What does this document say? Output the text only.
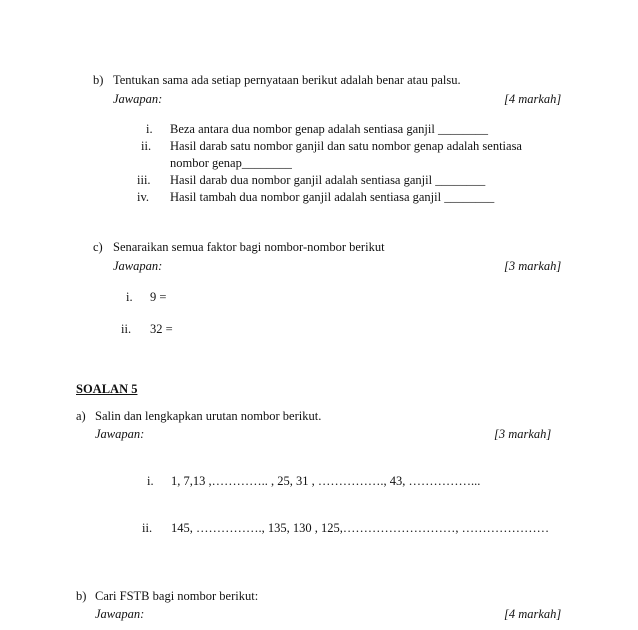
b) Tentukan sama ada setiap pernyataan berikut adalah benar atau palsu.
Jawapan:	[4 markah]
i. Beza antara dua nombor genap adalah sentiasa ganjil ________
ii. Hasil darab satu nombor ganjil dan satu nombor genap adalah sentiasa
nombor genap________
iii. Hasil darab dua nombor ganjil adalah sentiasa ganjil ________
iv. Hasil tambah dua nombor ganjil adalah sentiasa ganjil ________
c) Senaraikan semua faktor bagi nombor-nombor berikut
Jawapan:	[3 markah]
i. 9 =
ii. 32 =
SOALAN 5
a) Salin dan lengkapkan urutan nombor berikut.
Jawapan:	[3 markah]
i. 1, 7,13 ,………….. , 25, 31 , ……………., 43, ……………...
ii. 145, ……………., 135, 130 , 125,………………………, …………………
b) Cari FSTB bagi nombor berikut:
Jawapan:	[4 markah]
